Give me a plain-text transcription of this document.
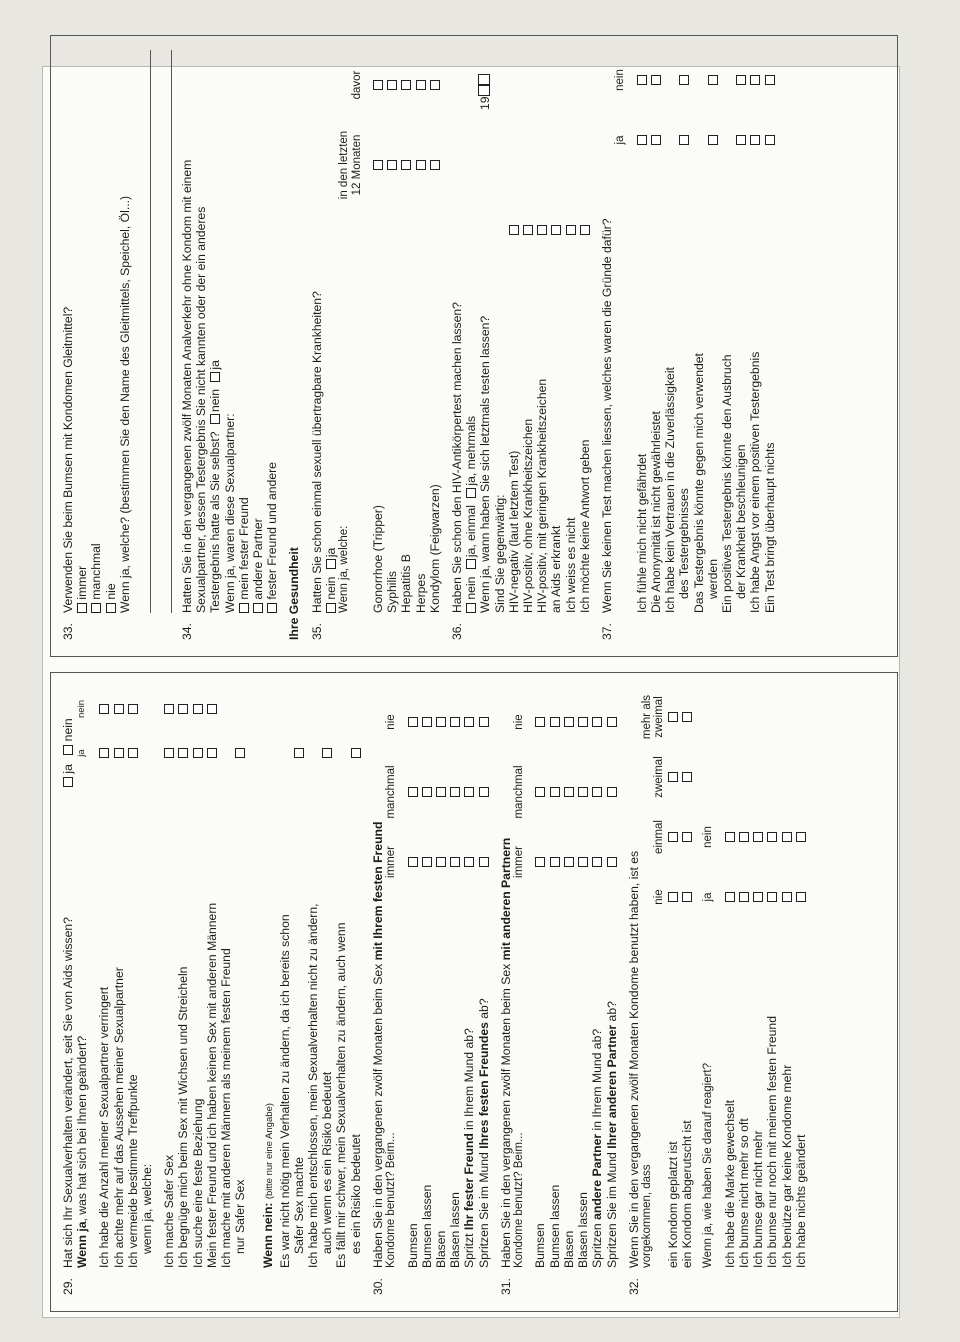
29.
Hat sich Ihr Sexualverhalten verändert, seit Sie von Aids wissen?
ja  nein
Wenn ja, was hat sich bei Ihnen geändert?
ja
nein
Ich habe die Anzahl meiner Sexualpartner verringert Ich achte mehr auf das Aussehen meiner Sexualpartner Ich vermeide bestimmte Treffpunkte wenn ja, welche: Ich mache Safer Sex Ich begnüge mich beim Sex mit Wichsen und Streicheln Ich suche eine feste Beziehung Mein fester Freund und ich haben keinen Sex mit anderen Männern Ich mache mit anderen Männern als meinem festen Freund nur Safer Sex Wenn nein: (bitte nur eine Angabe) Es war nicht nötig mein Verhalten zu ändern, da ich bereits schon Safer Sex machte Ich habe mich entschlossen, mein Sexualverhalten nicht zu ändern, auch wenn es ein Risiko bedeutet Es fällt mir schwer, mein Sexualverhalten zu ändern, auch wenn es ein Risiko bedeutet
30.
Haben Sie in den vergangenen zwölf Monaten beim Sex mit Ihrem festen Freund
Kondome benutzt? Beim...
immer
manchmal
nie
Bumsen Bumsen lassen Blasen Blasen lassen Spritzt Ihr fester Freund in Ihrem Mund ab?
Spritzen Sie im Mund Ihres festen Freundes ab?
31.
Haben Sie in den vergangenen zwölf Monaten beim Sex mit anderen Partnern
Kondome benutzt? Beim...
immer
manchmal
nie
Bumsen Bumsen lassen Blasen Blasen lassen Spritzen andere Partner in Ihrem Mund ab?
Spritzen Sie im Mund Ihrer anderen Partner ab?
32.
Wenn Sie in den vergangenen zwölf Monaten Kondome benutzt haben, ist es vorgekommen, dass
mehr als
nie
einmal
zweimal
zweimal
ein Kondom geplatzt ist ein Kondom abgerutscht ist Wenn ja, wie haben Sie darauf reagiert?
ja
nein
Ich habe die Marke gewechselt Ich bumse nicht mehr so oft Ich bumse gar nicht mehr Ich bumse nur noch mit meinem festen Freund Ich benütze gar keine Kondome mehr Ich habe nichts geändert
33.
Verwenden Sie beim Bumsen mit Kondomen Gleitmittel? immer manchmal nie Wenn ja, welche? (bestimmen Sie den Name des Gleitmittels, Speichel, Öl...)
34.
Hatten Sie in den vergangenen zwölf Monaten Analverkehr ohne Kondom mit einem Sexualpartner, dessen Testergebnis Sie nicht kannten oder der ein anderes Testergebnis hatte als Sie selbst? nein ja
Wenn ja, waren diese Sexualpartner: mein fester Freund andere Partner fester Freund und andere Ihre Gesundheit 35.
Hatten Sie schon einmal sexuell übertragbare Krankheiten? nein ja Wenn ja, welche:
in den letzten 12 Monaten
davor
Gonorrhoe (Tripper) Syphilis Hepatitis B Herpes Kondylom (Feigwarzen)
36.
Haben Sie schon den HIV-Antikörpertest machen lassen? nein ja, einmal ja, mehrmals Wenn ja, wann haben Sie sich letztmals testen lassen?
19
Sind Sie gegenwärtig: HIV-negativ (laut letztem Test) HIV-positiv, ohne Krankheitszeichen HIV-positiv, mit geringen Krankheitszeichen an Aids erkrankt Ich weiss es nicht Ich möchte keine Antwort geben
37.
Wenn Sie keinen Test machen liessen, welches waren die Gründe dafür?
ja
nein
Ich fühle mich nicht gefährdet Die Anonymität ist nicht gewährleistet Ich habe kein Vertrauen in die Zuverlässigkeit des Testergebnisses Das Testergebnis könnte gegen mich verwendet werden Ein positives Testergebnis könnte den Ausbruch der Krankheit beschleunigen Ich habe Angst vor einem positiven Testergebnis Ein Test bringt überhaupt nichts
